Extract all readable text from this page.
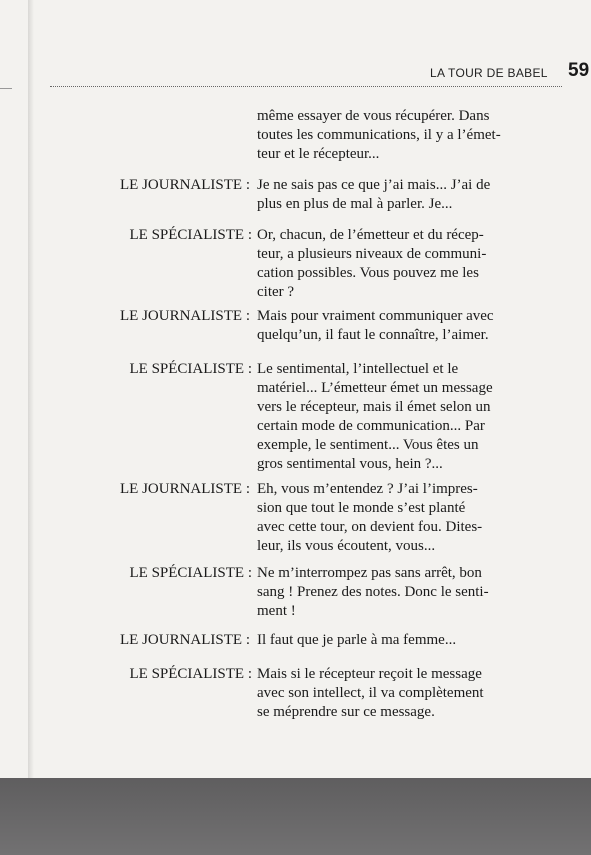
LA TOUR DE BABEL 59
même essayer de vous récupérer. Dans
toutes les communications, il y a l’émet-
teur et le récepteur...
LE JOURNALISTE : Je ne sais pas ce que j’ai mais... J’ai de
plus en plus de mal à parler. Je...
LE SPÉCIALISTE : Or, chacun, de l’émetteur et du récep-
teur, a plusieurs niveaux de communi-
cation possibles. Vous pouvez me les
citer ?
LE JOURNALISTE : Mais pour vraiment communiquer avec
quelqu’un, il faut le connaître, l’aimer.
LE SPÉCIALISTE : Le sentimental, l’intellectuel et le
matériel... L’émetteur émet un message
vers le récepteur, mais il émet selon un
certain mode de communication... Par
exemple, le sentiment... Vous êtes un
gros sentimental vous, hein ?...
LE JOURNALISTE : Eh, vous m’entendez ? J’ai l’impres-
sion que tout le monde s’est planté
avec cette tour, on devient fou. Dites-
leur, ils vous écoutent, vous...
LE SPÉCIALISTE : Ne m’interrompez pas sans arrêt, bon
sang ! Prenez des notes. Donc le senti-
ment !
LE JOURNALISTE : Il faut que je parle à ma femme...
LE SPÉCIALISTE : Mais si le récepteur reçoit le message
avec son intellect, il va complètement
se méprendre sur ce message.
